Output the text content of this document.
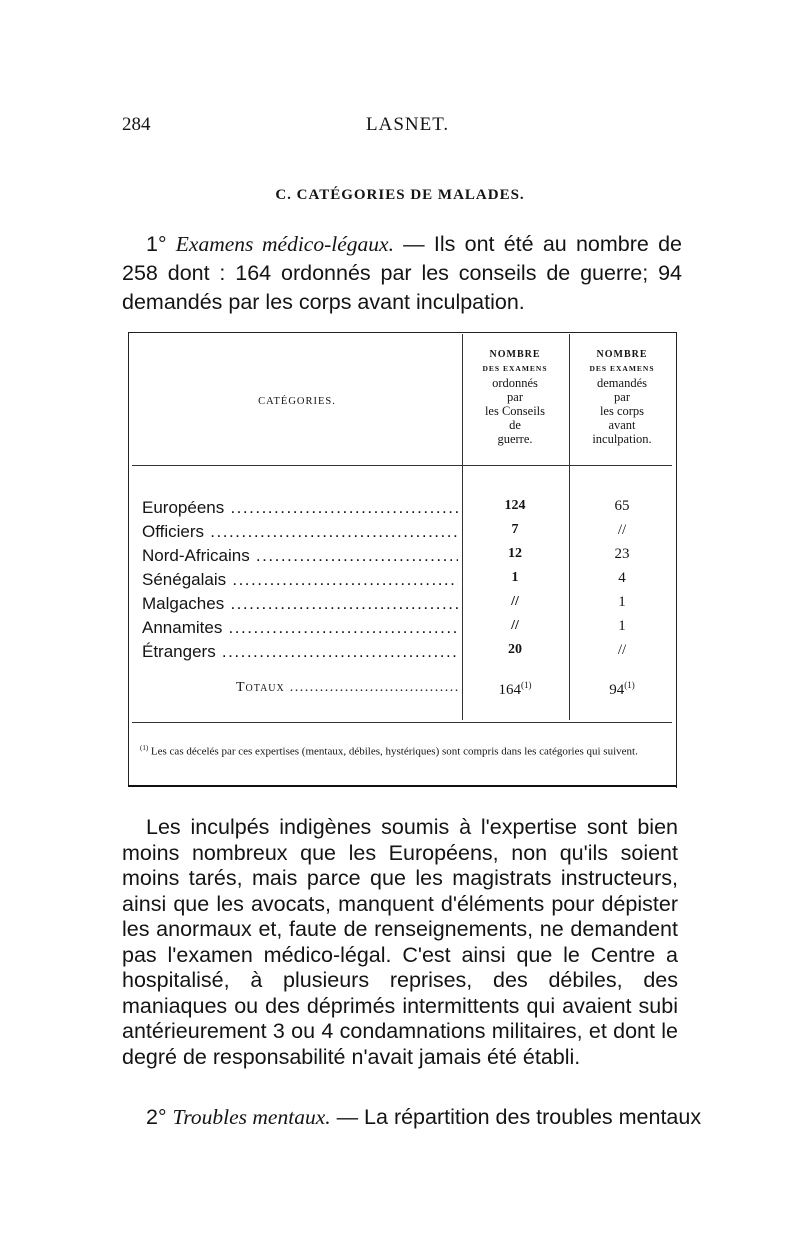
284	LASNET.
C. CATÉGORIES DE MALADES.
1° Examens médico-légaux. — Ils ont été au nombre de 258 dont : 164 ordonnés par les conseils de guerre; 94 demandés par les corps avant inculpation.
CATÉGORIES.
NOMBRE
DES EXAMENS
ordonnés
par
les Conseils
de
guerre.
NOMBRE
DES EXAMENS
demandés
par
les corps
avant
inculpation.
Européens .....	124	65
Officiers .....	7	//
Nord-Africains .....	12	23
Sénégalais .....	1	4
Malgaches .....	//	1
Annamites .....	//	1
Étrangers .....	20	//
Totaux .....	164$^{(1)}$	94$^{(1)}$
$^{(1)}$ Les cas décelés par ces expertises (mentaux, débiles, hystériques) sont compris dans les catégories qui suivent.
Les inculpés indigènes soumis à l'expertise sont bien moins nombreux que les Européens, non qu'ils soient moins tarés, mais parce que les magistrats instructeurs, ainsi que les avocats, manquent d'éléments pour dépister les anormaux et, faute de renseignements, ne demandent pas l'examen médico-légal. C'est ainsi que le Centre a hospitalisé, à plusieurs reprises, des débiles, des maniaques ou des déprimés intermittents qui avaient subi antérieurement 3 ou 4 condamnations militaires, et dont le degré de responsabilité n'avait jamais été établi.
2° Troubles mentaux. — La répartition des troubles mentaux
